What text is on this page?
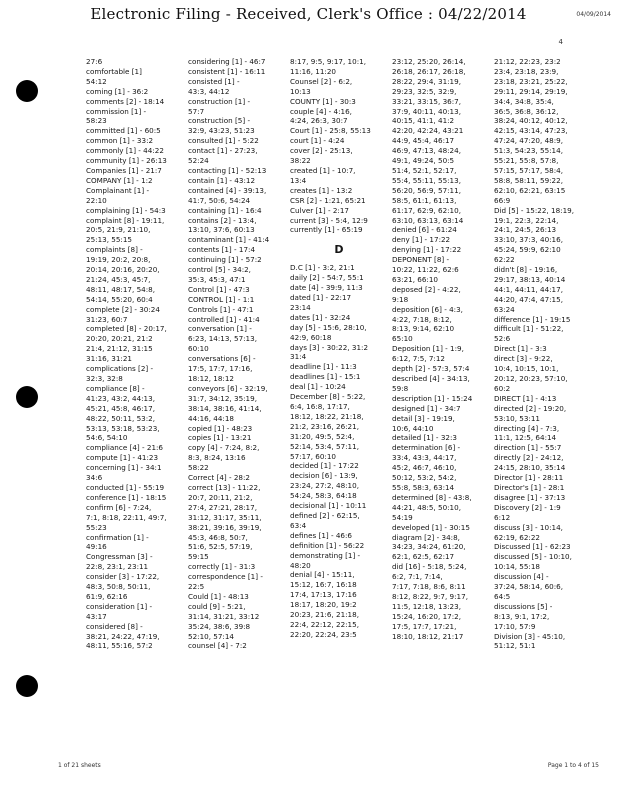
Electronic Filing - Received, Clerk's Office : 04/22/2014	04/09/2014
4
27:6
comfortable [1]
54:12
coming [1] - 36:2
comments [2] - 18:14
commission [1] -
58:23
committed [1] - 60:5
common [1] - 33:2
commonly [1] - 44:22
community [1] - 26:13
Companies [1] - 21:7
COMPANY [1] - 1:2
Complainant [1] -
22:10
complaining [1] - 54:3
complaint [8] - 19:11,
20:5, 21:9, 21:10,
25:13, 55:15
complaints [8] -
19:19, 20:2, 20:8,
20:14, 20:16, 20:20,
21:24, 45:3, 45:7,
48:11, 48:17, 54:8,
54:14, 55:20, 60:4
complete [2] - 30:24
31:23, 60:7
completed [8] - 20:17,
20:20, 20:21, 21:2
21:4, 21:12, 31:15
31:16, 31:21
complications [2] -
32:3, 32:8
compliance [8] -
41:23, 43:2, 44:13,
45:21, 45:8, 46:17,
48:22, 50:11, 53:2,
53:13, 53:18, 53:23,
54:6, 54:10
compliance [4] - 21:6
compute [1] - 41:23
concerning [1] - 34:1
34:6
conducted [1] - 55:19
conference [1] - 18:15
confirm [6] - 7:24,
7:1, 8:18, 22:11, 49:7,
55:23
confirmation [1] -
49:16
Congressman [3] -
22:8, 23:1, 23:11
consider [3] - 17:22,
48:3, 50:8, 50:11,
61:9, 62:16
consideration [1] -
43:17
considered [8] -
38:21, 24:22, 47:19,
48:11, 55:16, 57:2
considering [1] - 46:7
consistent [1] - 16:11
consisted [1] -
43:3, 44:12
construction [1] -
57:7
construction [5] -
32:9, 43:23, 51:23
consulted [1] - 5:22
contact [1] - 27:23,
52:24
contacting [1] - 52:13
contain [1] - 43:12
contained [4] - 39:13,
41:7, 50:6, 54:24
containing [1] - 16:4
contains [2] - 13:4,
13:10, 37:6, 60:13
contaminant [1] - 41:4
contents [1] - 17:4
continuing [1] - 57:2
control [5] - 34:2,
35:3, 45:3, 47:1
Control [1] - 47:3
CONTROL [1] - 1:1
Controls [1] - 47:1
controlled [1] - 41:4
conversation [1] -
6:23, 14:13, 57:13,
60:10
conversations [6] -
17:5, 17:7, 17:16,
18:12, 18:12
conveyors [6] - 32:19,
31:7, 34:12, 35:19,
38:14, 38:16, 41:14,
44:16, 44:18
copied [1] - 48:23
copies [1] - 13:21
copy [4] - 7:24, 8:2,
8:3, 8:24, 13:16
58:22
Correct [4] - 28:2
correct [13] - 11:22,
20:7, 20:11, 21:2,
27:4, 27:21, 28:17,
31:12, 31:17, 35:11,
38:21, 39:16, 39:19,
45:3, 46:8, 50:7,
51:6, 52:5, 57:19,
59:15
correctly [1] - 31:3
correspondence [1] -
22:5
Could [1] - 48:13
could [9] - 5:21,
31:14, 31:21, 33:12
35:24, 38:6, 39:8
52:10, 57:14
counsel [4] - 7:2
8:17, 9:5, 9:17, 10:1,
11:16, 11:20
Counsel [2] - 6:2,
10:13
COUNTY [1] - 30:3
couple [4] - 4:16,
4:24, 26:3, 30:7
Court [1] - 25:8, 55:13
court [1] - 4:24
cover [2] - 25:13,
38:22
created [1] - 10:7,
13:4
creates [1] - 13:2
CSR [2] - 1:21, 65:21
Culver [1] - 2:17
current [3] - 5:4, 12:9
currently [1] - 65:19
D
D.C [1] - 3:2, 21:1
daily [2] - 54:7, 55:1
date [4] - 39:9, 11:3
dated [1] - 22:17
23:14
dates [1] - 32:24
day [5] - 15:6, 28:10,
42:9, 60:18
days [3] - 30:22, 31:2
31:4
deadline [1] - 11:3
deadlines [1] - 15:1
deal [1] - 10:24
December [8] - 5:22,
6:4, 16:8, 17:17,
18:12, 18:22, 21:18,
21:2, 23:16, 26:21,
31:20, 49:5, 52:4,
52:14, 53:4, 57:11,
57:17, 60:10
decided [1] - 17:22
decision [6] - 13:9,
23:24, 27:2, 48:10,
54:24, 58:3, 64:18
decisional [1] - 10:11
defined [2] - 62:15,
63:4
defines [1] - 46:6
definition [1] - 56:22
demonstrating [1] -
48:20
denial [4] - 15:11,
15:12, 16:7, 16:18
17:4, 17:13, 17:16
18:17, 18:20, 19:2
20:23, 21:6, 21:18,
22:4, 22:12, 22:15,
22:20, 22:24, 23:5
23:12, 25:20, 26:14,
26:18, 26:17, 26:18,
28:22, 29:4, 31:19,
29:23, 32:5, 32:9,
33:21, 33:15, 36:7,
37:9, 40:11, 40:13,
40:15, 41:1, 41:2
42:20, 42:24, 43:21
44:9, 45:4, 46:17
46:9, 47:13, 48:24,
49:1, 49:24, 50:5
51:4, 52:1, 52:17,
55:4, 55:11, 55:13,
56:20, 56:9, 57:11,
58:5, 61:1, 61:13,
61:17, 62:9, 62:10,
63:10, 63:13, 63:14
denied [6] - 61:24
deny [1] - 17:22
denying [1] - 17:22
DEPONENT [8] -
10:22, 11:22, 62:6
63:21, 66:10
deposed [2] - 4:22,
9:18
deposition [6] - 4:3,
4:22, 7:18, 8:12,
8:13, 9:14, 62:10
65:10
Deposition [1] - 1:9,
6:12, 7:5, 7:12
depth [2] - 57:3, 57:4
described [4] - 34:13,
59:8
description [1] - 15:24
designed [1] - 34:7
detail [3] - 19:19,
10:6, 44:10
detailed [1] - 32:3
determination [6] -
33:4, 43:3, 44:17,
45:2, 46:7, 46:10,
50:12, 53:2, 54:2,
55:8, 58:3, 63:14
determined [8] - 43:8,
44:21, 48:5, 50:10,
54:19
developed [1] - 30:15
diagram [2] - 34:8,
34:23, 34:24, 61:20,
62:1, 62:5, 62:17
did [16] - 5:18, 5:24,
6:2, 7:1, 7:14,
7:17, 7:18, 8:6, 8:11
8:12, 8:22, 9:7, 9:17,
11:5, 12:18, 13:23,
15:24, 16:20, 17:2,
17:5, 17:7, 17:21,
18:10, 18:12, 21:17
21:12, 22:23, 23:2
23:4, 23:18, 23:9,
23:18, 23:21, 25:22,
29:11, 29:14, 29:19,
34:4, 34:8, 35:4,
36:5, 36:8, 36:12,
38:24, 40:12, 40:12,
42:15, 43:14, 47:23,
47:24, 47:20, 48:9,
51:3, 54:23, 55:14,
55:21, 55:8, 57:8,
57:15, 57:17, 58:4,
58:8, 58:11, 59:22,
62:10, 62:21, 63:15
66:9
Did [5] - 15:22, 18:19,
19:1, 22:3, 22:14,
24:1, 24:5, 26:13
33:10, 37:3, 40:16,
45:24, 59:9, 62:10
62:22
didn't [8] - 19:16,
29:17, 38:13, 40:14
44:1, 44:11, 44:17,
44:20, 47:4, 47:15,
63:24
difference [1] - 19:15
difficult [1] - 51:22,
52:6
Direct [1] - 3:3
direct [3] - 9:22,
10:4, 10:15, 10:1,
20:12, 20:23, 57:10,
60:2
DIRECT [1] - 4:13
directed [2] - 19:20,
53:10, 53:11
directing [4] - 7:3,
11:1, 12:5, 64:14
direction [1] - 55:7
directly [2] - 24:12,
24:15, 28:10, 35:14
Director [1] - 28:11
Director's [1] - 28:1
disagree [1] - 37:13
Discovery [2] - 1:9
6:12
discuss [3] - 10:14,
62:19, 62:22
Discussed [1] - 62:23
discussed [5] - 10:10,
10:14, 55:18
discussion [4] -
37:24, 58:14, 60:6,
64:5
discussions [5] -
8:13, 9:1, 17:2,
17:10, 57:9
Division [3] - 45:10,
51:12, 51:1
1 of 21 sheets	Page 1 to 4 of 15
